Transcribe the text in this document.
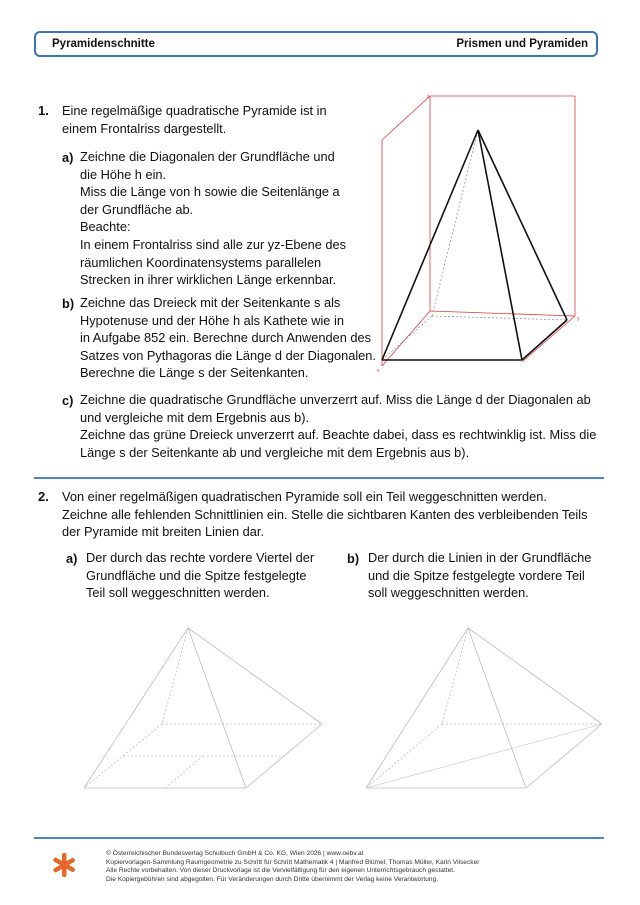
Pyramidenschnitte	Prismen und Pyramiden
1. Eine regelmäßige quadratische Pyramide ist in
einem Frontalriss dargestellt.
a) Zeichne die Diagonalen der Grundfläche und
die Höhe h ein.
Miss die Länge von h sowie die Seitenlänge a
der Grundfläche ab.
Beachte:
In einem Frontalriss sind alle zur yz-Ebene des
räumlichen Koordinatensystems parallelen
Strecken in ihrer wirklichen Länge erkennbar.
b) Zeichne das Dreieck mit der Seitenkante s als
Hypotenuse und der Höhe h als Kathete wie in
in Aufgabe 852 ein. Berechne durch Anwenden des
Satzes von Pythagoras die Länge d der Diagonalen.
Berechne die Länge s der Seitenkanten.
c) Zeichne die quadratische Grundfläche unverzerrt auf. Miss die Länge d der Diagonalen ab
und vergleiche mit dem Ergebnis aus b).
Zeichne das grüne Dreieck unverzerrt auf. Beachte dabei, dass es rechtwinklig ist. Miss die
Länge s der Seitenkante ab und vergleiche mit dem Ergebnis aus b).
z
y
x
2. Von einer regelmäßigen quadratischen Pyramide soll ein Teil weggeschnitten werden.
Zeichne alle fehlenden Schnittlinien ein. Stelle die sichtbaren Kanten des verbleibenden Teils
der Pyramide mit breiten Linien dar.
a) Der durch das rechte vordere Viertel der
Grundfläche und die Spitze festgelegte
Teil soll weggeschnitten werden.
b) Der durch die Linien in der Grundfläche
und die Spitze festgelegte vordere Teil
soll weggeschnitten werden.
© Österreichischer Bundesverlag Schulbuch GmbH & Co. KG, Wien 2026 | www.oebv.at
Kopiervorlagen-Sammlung Raumgeometrie zu Schritt für Schritt Mathematik 4 | Manfred Blümel, Thomas Müller, Karin Vilsecker
Alle Rechte vorbehalten. Von dieser Druckvorlage ist die Vervielfältigung für den eigenen Unterrichtsgebrauch gestattet.
Die Kopiergebühren sind abgegolten. Für Veränderungen durch Dritte übernimmt der Verlag keine Verantwortung.
